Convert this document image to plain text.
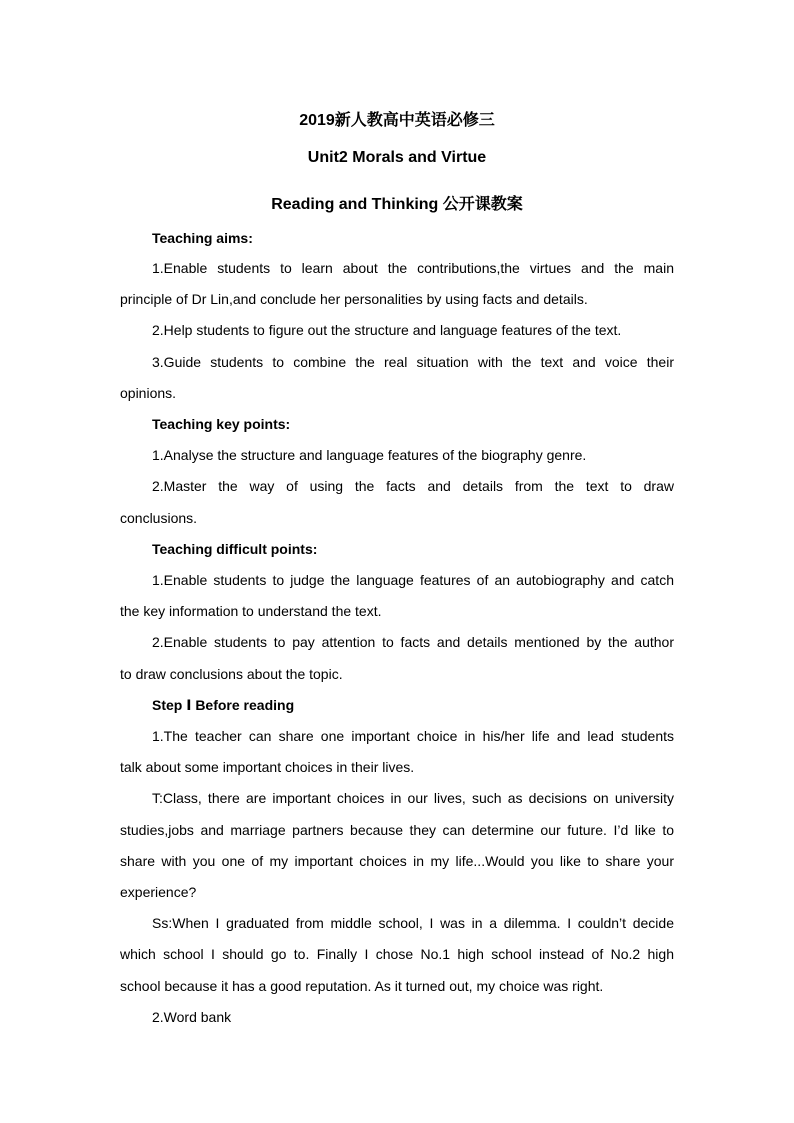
2019新人教高中英语必修三
Unit2 Morals and Virtue
Reading and Thinking 公开课教案
Teaching aims:
1.Enable students to learn about the contributions,the virtues and the main
principle of Dr Lin,and conclude her personalities by using facts and details.
2.Help students to figure out the structure and language features of the text.
3.Guide students to combine the real situation with the text and voice their
opinions.
Teaching key points:
1.Analyse the structure and language features of the biography genre.
2.Master the way of using the facts and details from the text to draw
conclusions.
Teaching difficult points:
1.Enable students to judge the language features of an autobiography and catch
the key information to understand the text.
2.Enable students to pay attention to facts and details mentioned by the author
to draw conclusions about the topic.
Step Ⅰ Before reading
1.The teacher can share one important choice in his/her life and lead students
talk about some important choices in their lives.
T:Class, there are important choices in our lives, such as decisions on university
studies,jobs and marriage partners because they can determine our future. I’d like to
share with you one of my important choices in my life...Would you like to share your
experience?
Ss:When I graduated from middle school, I was in a dilemma. I couldn’t decide
which school I should go to. Finally I chose No.1 high school instead of No.2 high
school because it has a good reputation. As it turned out, my choice was right.
2.Word bank
